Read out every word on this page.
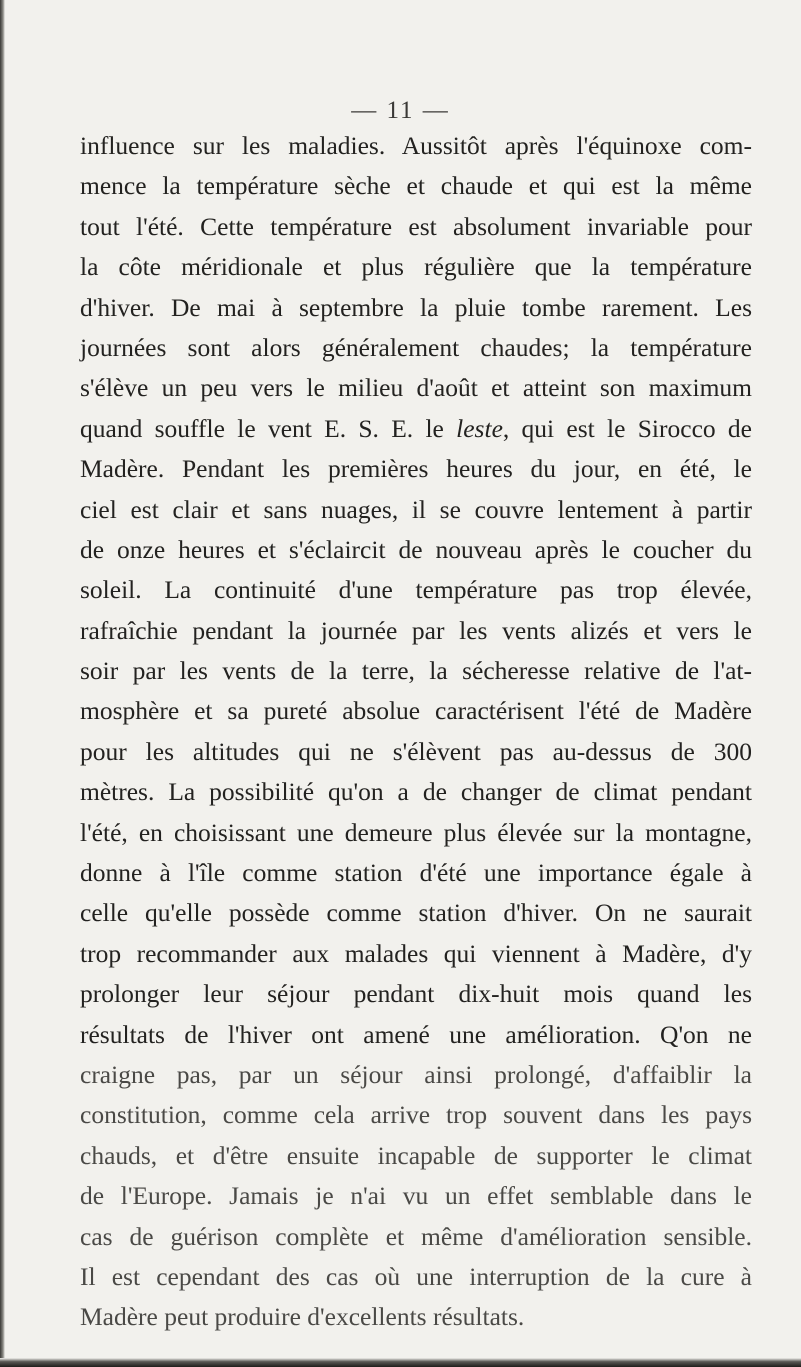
— 11 —
influence sur les maladies. Aussitôt après l'équinoxe com-
mence la température sèche et chaude et qui est la même
tout l'été. Cette température est absolument invariable pour
la côte méridionale et plus régulière que la température
d'hiver. De mai à septembre la pluie tombe rarement. Les
journées sont alors généralement chaudes; la température
s'élève un peu vers le milieu d'août et atteint son maximum
quand souffle le vent E. S. E. le leste, qui est le Sirocco de
Madère. Pendant les premières heures du jour, en été, le
ciel est clair et sans nuages, il se couvre lentement à partir
de onze heures et s'éclaircit de nouveau après le coucher du
soleil. La continuité d'une température pas trop élevée,
rafraîchie pendant la journée par les vents alizés et vers le
soir par les vents de la terre, la sécheresse relative de l'at-
mosphère et sa pureté absolue caractérisent l'été de Madère
pour les altitudes qui ne s'élèvent pas au-dessus de 300
mètres. La possibilité qu'on a de changer de climat pendant
l'été, en choisissant une demeure plus élevée sur la montagne,
donne à l'île comme station d'été une importance égale à
celle qu'elle possède comme station d'hiver. On ne saurait
trop recommander aux malades qui viennent à Madère, d'y
prolonger leur séjour pendant dix-huit mois quand les
résultats de l'hiver ont amené une amélioration. Q'on ne
craigne pas, par un séjour ainsi prolongé, d'affaiblir la
constitution, comme cela arrive trop souvent dans les pays
chauds, et d'être ensuite incapable de supporter le climat
de l'Europe. Jamais je n'ai vu un effet semblable dans le
cas de guérison complète et même d'amélioration sensible.
Il est cependant des cas où une interruption de la cure à
Madère peut produire d'excellents résultats.
